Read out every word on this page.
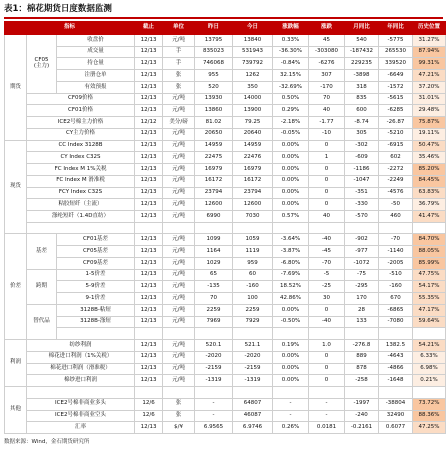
表1：棉花期货日度数据监测
指标			截止	单位	昨日	今日	涨跌幅	涨跌	月同比	年同比	历史位置
期货	CF05
(主力)	收盘价	12/13	元/吨	13795	13840	0.33%	45	540	-5775	31.27%
		成交量	12/13	手	835023	531943	-36.30%	-303080	-187432	265530	87.94%
		持仓量	12/13	手	746068	739792	-0.84%	-6276	229235	339520	99.31%
		注册仓单	12/13	张	955	1262	32.15%	307	-3898	-6649	47.21%
		有效预报	12/13	张	520	350	-32.69%	-170	318	-1572	37.20%
	CF09价格		12/13	元/吨	13930	14000	0.50%	70	835	-5615	31.01%
	CF01价格		12/13	元/吨	13860	13900	0.29%	40	600	-6285	29.48%
	ICE2号棉主力价格		12/12	美分/磅	81.02	79.25	-2.18%	-1.77	-8.74	-26.87	75.87%
	CY主力价格		12/13	元/吨	20650	20640	-0.05%	-10	305	-5210	19.11%
现货	CC Index 3128B		12/13	元/吨	14959	14959	0.00%	0	-302	-6915	50.47%
	CY Index C32S		12/13	元/吨	22475	22476	0.00%	1	-609	602	35.46%
	FC Index M 1%关税		12/13	元/吨	16979	16979	0.00%	0	-1186	-2272	85.20%
	FC Index M 滑准税		12/13	元/吨	16172	16172	0.00%	0	-1047	-2249	84.45%
	FCY Index C32S		12/13	元/吨	23794	23794	0.00%	0	-351	-4576	63.83%
	粘胶短纤（主流）		12/13	元/吨	12600	12600	0.00%	0	-330	-50	36.79%
	涤纶短纤（1.4D直纺）		12/13	元/吨	6990	7030	0.57%	40	-570	460	41.47%

价差	基差	CF01基差	12/13	元/吨	1099	1059	-3.64%	-40	-902	-70	84.70%
		CF05基差	12/13	元/吨	1164	1119	-3.87%	-45	-977	-1140	88.05%
		CF09基差	12/13	元/吨	1029	959	-6.80%	-70	-1072	-2005	85.99%
	跨期	1-5价差	12/13	元/吨	65	60	-7.69%	-5	-75	-510	47.75%
		5-9价差	12/13	元/吨	-135	-160	18.52%	-25	-295	-160	54.17%
		9-1价差	12/13	元/吨	70	100	42.86%	30	170	670	55.35%
	替代品	3128B-粘短	12/13	元/吨	2259	2259	0.00%	0	28	-6865	47.17%
		3128B-涤短	12/13	元/吨	7969	7929	-0.50%	-40	133	-7080	59.64%

利润	纺纱利润		12/13	元/吨	520.1	521.1	0.19%	1.0	-276.8	1382.5	54.21%
	棉花进口利润（1%关税）		12/13	元/吨	-2020	-2020	0.00%	0	889	-4643	6.33%
	棉花进口利润（滑准税）		12/13	元/吨	-2159	-2159	0.00%	0	878	-4866	6.98%
	棉纱进口利润		12/13	元/吨	-1319	-1319	0.00%	0	-258	-1648	0.21%
其他											
	ICE2号棉非商业多头		12/6	张	-	64807	-	-	-1997	-38804	73.72%
	ICE2号棉非商业空头		12/6	张	-	46087	-	-	-240	32490	88.36%
	汇率		12/13	$/¥	6.9565	6.9746	0.26%	0.0181	-0.2161	0.6077	47.25%
数据来源：Wind，金石期货研究所
